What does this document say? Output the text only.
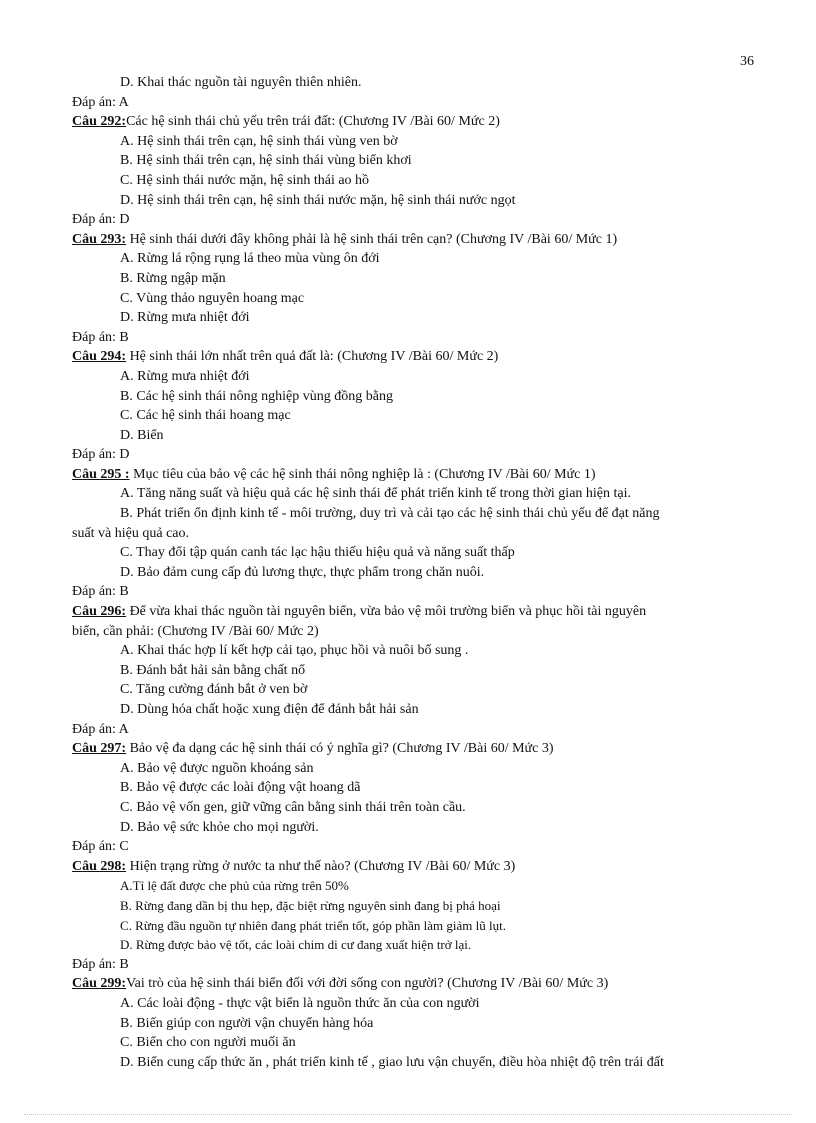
36
D. Khai thác nguồn tài nguyên thiên nhiên.
Đáp án: A
Câu 292:Các hệ sinh thái chủ yếu trên trái đất: (Chương IV /Bài 60/ Mức 2)
A. Hệ sinh thái trên cạn, hệ sinh thái vùng ven bờ
B. Hệ sinh thái trên cạn, hệ sinh thái vùng biển khơi
C. Hệ sinh thái nước mặn, hệ sinh thái ao hồ
D. Hệ sinh thái trên cạn, hệ sinh thái nước mặn, hệ sinh thái nước ngọt
Đáp án: D
Câu 293: Hệ sinh thái dưới đây không phải là hệ sinh thái trên cạn? (Chương IV /Bài 60/ Mức 1)
A. Rừng lá rộng rụng lá theo mùa vùng ôn đới
B. Rừng ngập mặn
C. Vùng thảo nguyên hoang mạc
D. Rừng mưa nhiệt đới
Đáp án: B
Câu 294: Hệ sinh thái lớn nhất trên quả đất là: (Chương IV /Bài 60/ Mức 2)
A. Rừng mưa nhiệt đới
B. Các hệ sinh thái nông nghiệp vùng đồng bằng
C. Các hệ sinh thái hoang mạc
D. Biển
Đáp án: D
Câu 295 : Mục tiêu của bảo vệ các hệ sinh thái nông nghiệp là : (Chương IV /Bài 60/ Mức 1)
A. Tăng năng suất và hiệu quả các hệ sinh thái để phát triển kinh tế trong thời gian hiện tại.
B. Phát triển ổn định kinh tế - môi trường, duy trì và cải tạo các hệ sinh thái chủ yếu để đạt năng
suất và hiệu quả cao.
C. Thay đổi tập quán canh tác lạc hậu thiếu hiệu quả và năng suất thấp
D. Bảo đảm cung cấp đủ lương thực, thực phẩm trong chăn nuôi.
Đáp án: B
Câu 296: Để vừa khai thác nguồn tài nguyên biển, vừa bảo vệ môi trường biển và phục hồi tài nguyên
biển, cần phải: (Chương IV /Bài 60/ Mức 2)
A. Khai thác hợp lí kết hợp cải tạo, phục hồi và nuôi bổ sung .
B. Đánh bắt hải sản bằng chất nổ
C. Tăng cường đánh bắt ở ven bờ
D. Dùng hóa chất hoặc xung điện để đánh bắt hải sản
Đáp án: A
Câu 297: Bảo vệ đa dạng các hệ sinh thái có ý nghĩa gì? (Chương IV /Bài 60/ Mức 3)
A. Bảo vệ được nguồn khoáng sản
B. Bảo vệ được các loài động vật hoang dã
C. Bảo vệ vốn gen, giữ vững cân bằng sinh thái trên toàn cầu.
D. Bảo vệ sức khỏe cho mọi người.
Đáp án: C
Câu 298: Hiện trạng rừng ở nước ta như thế nào? (Chương IV /Bài 60/ Mức 3)
A.Tỉ lệ đất được che phủ của rừng trên 50%
B. Rừng đang dần bị thu hẹp, đặc biệt rừng nguyên sinh đang bị phá hoại
C. Rừng đầu nguồn tự nhiên đang phát triển tốt, góp phần làm giảm lũ lụt.
D. Rừng được bảo vệ tốt, các loài chim di cư đang xuất hiện trở lại.
Đáp án: B
Câu 299:Vai trò của hệ sinh thái biển đối với đời sống con người? (Chương IV /Bài 60/ Mức 3)
A. Các loài động - thực vật biển là nguồn thức ăn của con người
B. Biển giúp con người vận chuyển hàng hóa
C. Biển cho con người muối ăn
D. Biển cung cấp thức ăn , phát triển kinh tế , giao lưu vận chuyển, điều hòa nhiệt độ trên trái đất
